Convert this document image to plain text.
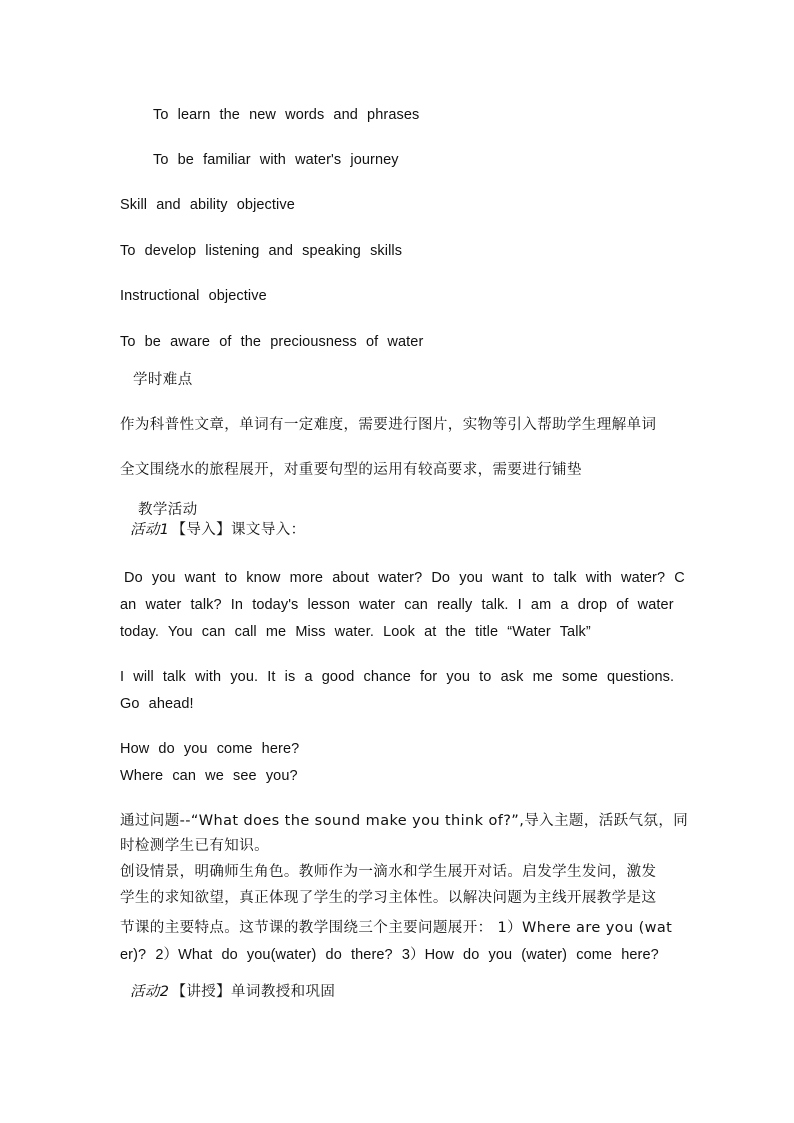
To learn the new words and phrases
To be familiar with water's journey
Skill and ability objective
To develop listening and speaking skills
Instructional objective
To be aware of the preciousness of water
学时难点
作为科普性文章，单词有一定难度，需要进行图片，实物等引入帮助学生理解单词
全文围绕水的旅程展开，对重要句型的运用有较高要求，需要进行铺垫
教学活动
活动1 【导入】课文导入：
Do you want to know more about water? Do you want to talk with water? C
an water talk? In today's lesson water can really talk. I am a drop of water
today. You can call me Miss water. Look at the title “Water Talk”
I will talk with you. It is a good chance for you to ask me some questions.
Go ahead!
How do you come here?
Where can we see you?
通过问题--“What does the sound make you think of?”,导入主题，活跃气氛，同
时检测学生已有知识。
创设情景，明确师生角色。教师作为一滴水和学生展开对话。启发学生发问，激发
学生的求知欲望，真正体现了学生的学习主体性。以解决问题为主线开展教学是这
节课的主要特点。这节课的教学围绕三个主要问题展开： 1）Where are you (wat
er)? 2）What do you(water) do there? 3）How do you (water) come here?
活动2 【讲授】单词教授和巩固
